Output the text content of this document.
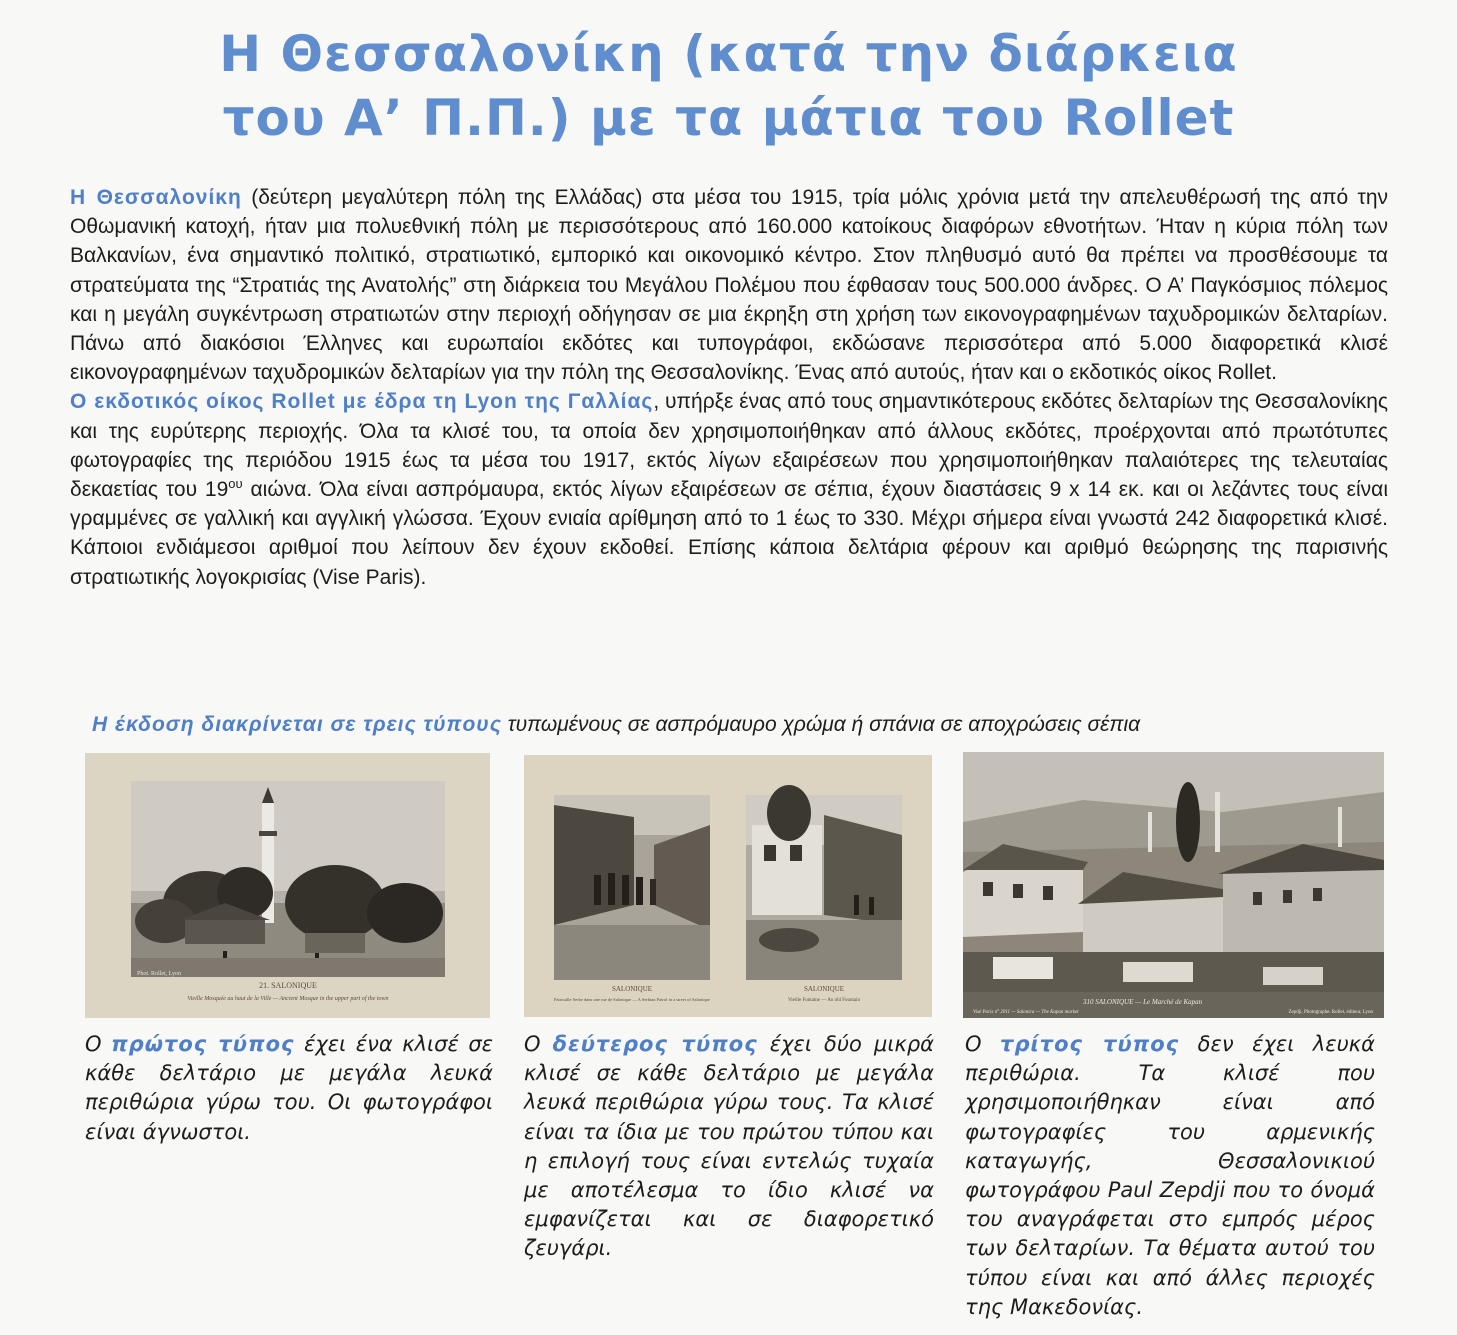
Η Θεσσαλονίκη (κατά την διάρκεια
του Α’ Π.Π.) με τα μάτια του Rollet

Η Θεσσαλονίκη (δεύτερη μεγαλύτερη πόλη της Ελλάδας) στα μέσα του 1915, τρία μόλις χρόνια μετά την απελευθέρωσή της από την Οθωμανική κατοχή, ήταν μια πολυεθνική πόλη με περισσότερους από 160.000 κατοίκους διαφόρων εθνοτήτων. Ήταν η κύρια πόλη των Βαλκανίων, ένα σημαντικό πολιτικό, στρατιωτικό, εμπορικό και οικονομικό κέντρο. Στον πληθυσμό αυτό θα πρέπει να προσθέσουμε τα στρατεύματα της “Στρατιάς της Ανατολής” στη διάρκεια του Μεγάλου Πολέμου που έφθασαν τους 500.000 άνδρες. Ο Α’ Παγκόσμιος πόλεμος και η μεγάλη συγκέντρωση στρατιωτών στην περιοχή οδήγησαν σε μια έκρηξη στη χρήση των εικονογραφημένων ταχυδρομικών δελταρίων. Πάνω από διακόσιοι Έλληνες και ευρωπαίοι εκδότες και τυπογράφοι, εκδώσανε περισσότερα από 5.000 διαφορετικά κλισέ εικονογραφημένων ταχυδρομικών δελταρίων για την πόλη της Θεσσαλονίκης. Ένας από αυτούς, ήταν και ο εκδοτικός οίκος Rollet.

Ο εκδοτικός οίκος Rollet με έδρα τη Lyon της Γαλλίας, υπήρξε ένας από τους σημαντικότερους εκδότες δελταρίων της Θεσσαλονίκης και της ευρύτερης περιοχής. Όλα τα κλισέ του, τα οποία δεν χρησιμοποιήθηκαν από άλλους εκδότες, προέρχονται από πρωτότυπες φωτογραφίες της περιόδου 1915 έως τα μέσα του 1917, εκτός λίγων εξαιρέσεων που χρησιμοποιήθηκαν παλαιότερες της τελευταίας δεκαετίας του $19^{o\upsilon}$ αιώνα. Όλα είναι ασπρόμαυρα, εκτός λίγων εξαιρέσεων σε σέπια, έχουν διαστάσεις 9 x 14 εκ. και οι λεζάντες τους είναι γραμμένες σε γαλλική και αγγλική γλώσσα. Έχουν ενιαία αρίθμηση από το 1 έως το 330. Μέχρι σήμερα είναι γνωστά 242 διαφορετικά κλισέ. Κάποιοι ενδιάμεσοι αριθμοί που λείπουν δεν έχουν εκδοθεί. Επίσης κάποια δελτάρια φέρουν και αριθμό θεώρησης της παρισινής στρατιωτικής λογοκρισίας (Vise Paris).

Η έκδοση διακρίνεται σε τρεις τύπους τυπωμένους σε ασπρόμαυρο χρώμα ή σπάνια σε αποχρώσεις σέπια
Phot. Rollet, Lyon
21. SALONIQUE
Vieille Mosquée au haut de la Ville — Ancient Mosque in the upper part of the town
SALONIQUE
Patrouille Serbe dans une rue de Salonique — A Serbian Patrol in a street of Salonique
SALONIQUE
Vieille Fontaine — An old Fountain	310 SALONIQUE — Le Marché de Kapan
Visé Paris n° 2011 — Salonica — The Kapan market	Zepdji, Photographe. Rollet, éditeur, Lyon
Ο πρώτος τύπος έχει ένα κλισέ σε κάθε δελτάριο με μεγάλα λευκά περιθώρια γύρω του. Οι φωτογράφοι είναι άγνωστοι.
Ο δεύτερος τύπος έχει δύο μικρά κλισέ σε κάθε δελτάριο με μεγάλα λευκά περιθώρια γύρω τους. Τα κλισέ είναι τα ίδια με του πρώτου τύπου και η επιλογή τους είναι εντελώς τυχαία με αποτέλεσμα το ίδιο κλισέ να εμφανίζεται και σε διαφορετικό ζευγάρι.
Ο τρίτος τύπος δεν έχει λευκά περιθώρια. Τα κλισέ που χρησιμοποιήθηκαν είναι από φωτογραφίες του αρμενικής καταγωγής, Θεσσαλονικιού φωτογράφου Paul Zepdji που το όνομά του αναγράφεται στο εμπρός μέρος των δελταρίων. Τα θέματα αυτού του τύπου είναι και από άλλες περιοχές της Μακεδονίας.
